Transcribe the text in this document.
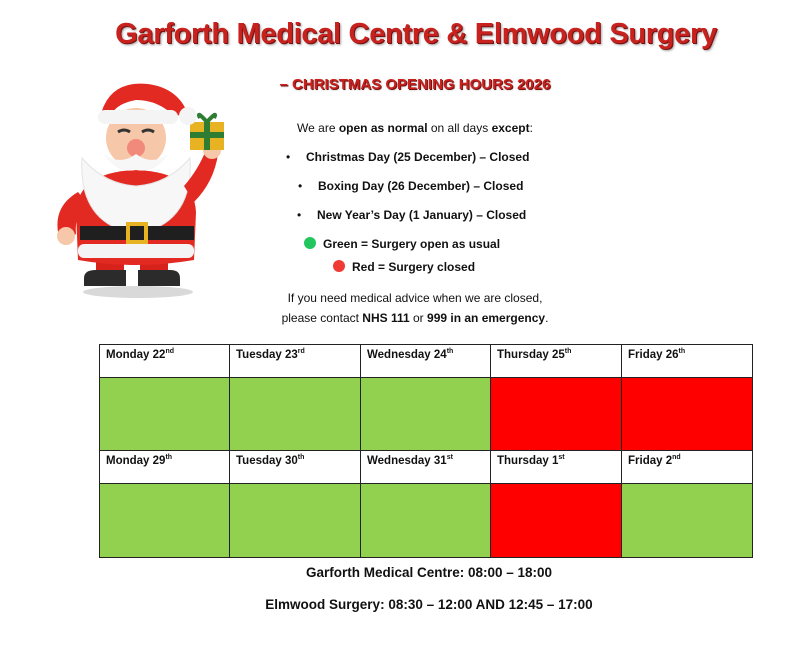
Garforth Medical Centre & Elmwood Surgery
– CHRISTMAS OPENING HOURS 2026
We are open as normal on all days except:
• Christmas Day (25 December) – Closed
• Boxing Day (26 December) – Closed
• New Year’s Day (1 January) – Closed
Green = Surgery open as usual
Red = Surgery closed
If you need medical advice when we are closed,
please contact NHS 111 or 999 in an emergency.
Monday 22nd	Tuesday 23rd	Wednesday 24th	Thursday 25th	Friday 26th

Monday 29th	Tuesday 30th	Wednesday 31st	Thursday 1st	Friday 2nd

Garforth Medical Centre: 08:00 – 18:00
Elmwood Surgery: 08:30 – 12:00 AND 12:45 – 17:00
